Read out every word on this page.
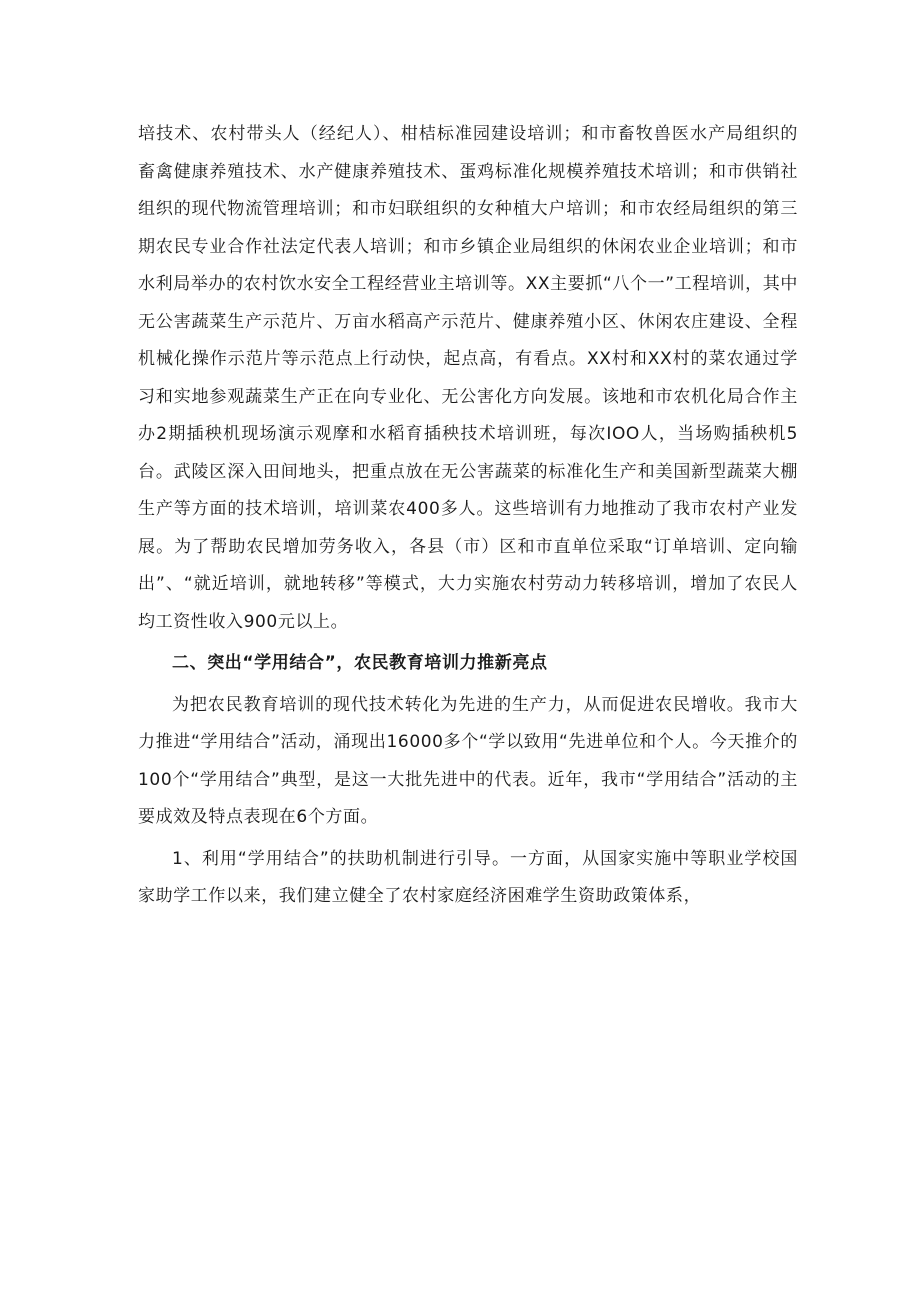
培技术、农村带头人（经纪人）、柑桔标准园建设培训；和市畜牧兽医水产局组织的畜禽健康养殖技术、水产健康养殖技术、蛋鸡标准化规模养殖技术培训；和市供销社组织的现代物流管理培训；和市妇联组织的女种植大户培训；和市农经局组织的第三期农民专业合作社法定代表人培训；和市乡镇企业局组织的休闲农业企业培训；和市水利局举办的农村饮水安全工程经营业主培训等。XX主要抓“八个一”工程培训，其中无公害蔬菜生产示范片、万亩水稻高产示范片、健康养殖小区、休闲农庄建设、全程机械化操作示范片等示范点上行动快，起点高，有看点。XX村和XX村的菜农通过学习和实地参观蔬菜生产正在向专业化、无公害化方向发展。该地和市农机化局合作主办2期插秧机现场演示观摩和水稻育插秧技术培训班，每次IOO人，当场购插秧机5台。武陵区深入田间地头，把重点放在无公害蔬菜的标准化生产和美国新型蔬菜大棚生产等方面的技术培训，培训菜农400多人。这些培训有力地推动了我市农村产业发展。为了帮助农民增加劳务收入，各县（市）区和市直单位采取“订单培训、定向输出”、“就近培训，就地转移”等模式，大力实施农村劳动力转移培训，增加了农民人均工资性收入900元以上。

二、突出“学用结合”，农民教育培训力推新亮点

为把农民教育培训的现代技术转化为先进的生产力，从而促进农民增收。我市大力推进“学用结合”活动，涌现出16000多个“学以致用“先进单位和个人。今天推介的100个“学用结合”典型，是这一大批先进中的代表。近年，我市“学用结合”活动的主要成效及特点表现在6个方面。

1、利用“学用结合”的扶助机制进行引导。一方面，从国家实施中等职业学校国家助学工作以来，我们建立健全了农村家庭经济困难学生资助政策体系，
